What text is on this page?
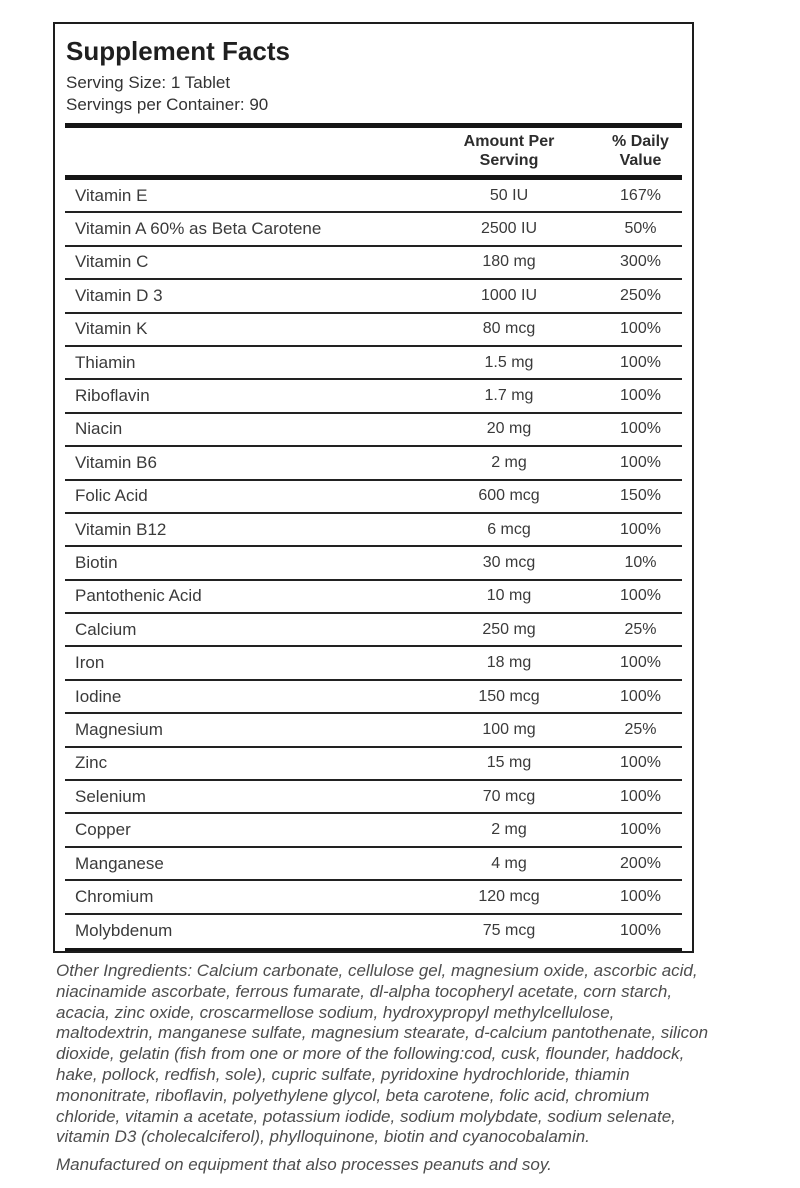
Supplement Facts
Serving Size: 1 Tablet
Servings per Container: 90
Amount Per
Serving
% Daily
Value
Vitamin E	50 IU	167%
Vitamin A 60% as Beta Carotene	2500 IU	50%
Vitamin C	180 mg	300%
Vitamin D 3	1000 IU	250%
Vitamin K	80 mcg	100%
Thiamin	1.5 mg	100%
Riboflavin	1.7 mg	100%
Niacin	20 mg	100%
Vitamin B6	2 mg	100%
Folic Acid	600 mcg	150%
Vitamin B12	6 mcg	100%
Biotin	30 mcg	10%
Pantothenic Acid	10 mg	100%
Calcium	250 mg	25%
Iron	18 mg	100%
Iodine	150 mcg	100%
Magnesium	100 mg	25%
Zinc	15 mg	100%
Selenium	70 mcg	100%
Copper	2 mg	100%
Manganese	4 mg	200%
Chromium	120 mcg	100%
Molybdenum	75 mcg	100%

Other Ingredients: Calcium carbonate, cellulose gel, magnesium oxide, ascorbic acid, niacinamide ascorbate, ferrous fumarate, dl-alpha tocopheryl acetate, corn starch, acacia, zinc oxide, croscarmellose sodium, hydroxypropyl methylcellulose, maltodextrin, manganese sulfate, magnesium stearate, d-calcium pantothenate, silicon dioxide, gelatin (fish from one or more of the following:cod, cusk, flounder, haddock, hake, pollock, redfish, sole), cupric sulfate, pyridoxine hydrochloride, thiamin mononitrate, riboflavin, polyethylene glycol, beta carotene, folic acid, chromium chloride, vitamin a acetate, potassium iodide, sodium molybdate, sodium selenate, vitamin D3 (cholecalciferol), phylloquinone, biotin and cyanocobalamin.

Manufactured on equipment that also processes peanuts and soy.
